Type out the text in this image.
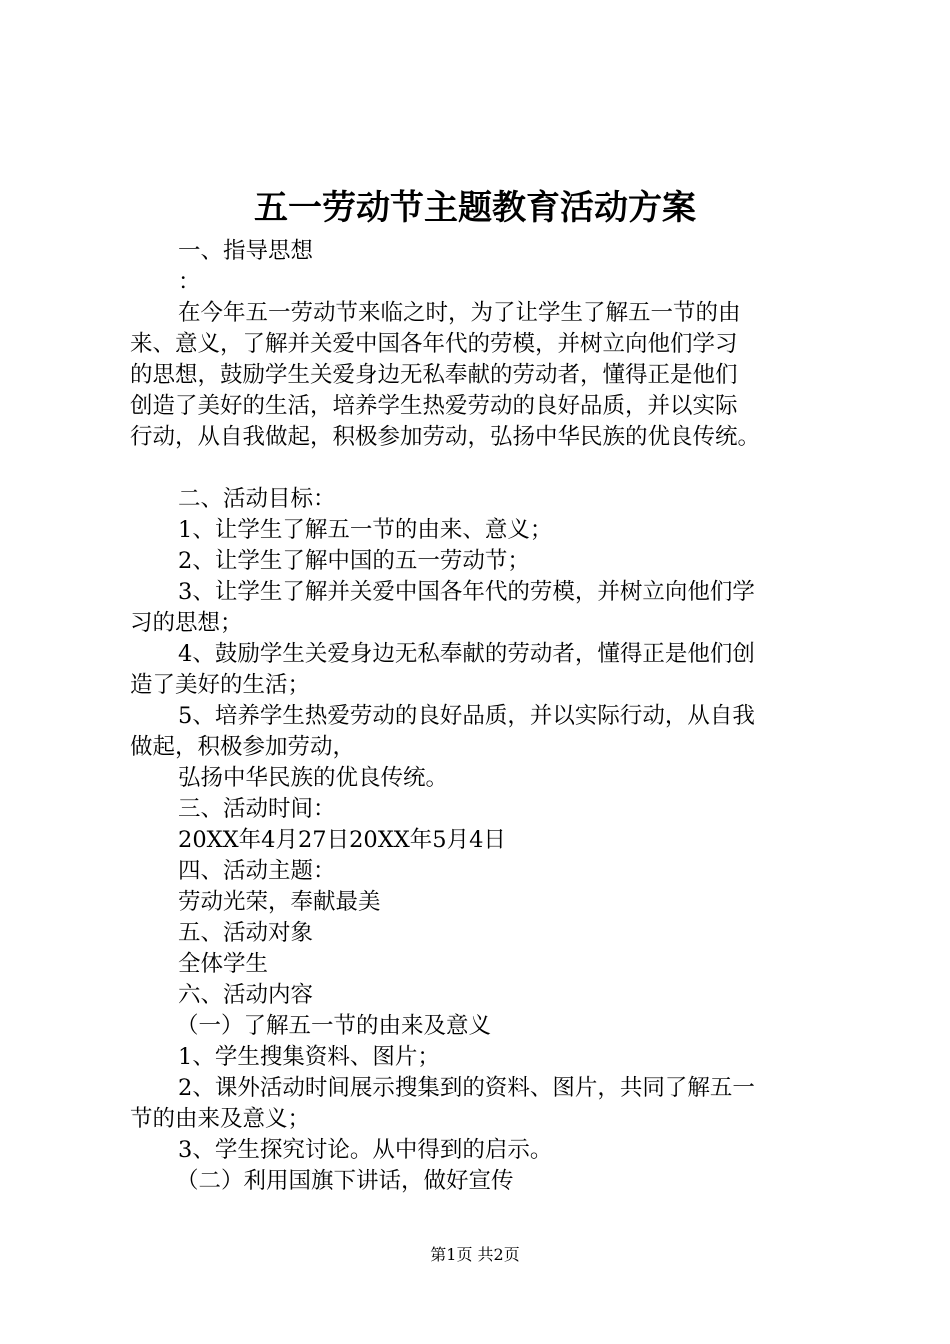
五一劳动节主题教育活动方案

一、指导思想

：

在今年五一劳动节来临之时，为了让学生了解五一节的由

来、意义，了解并关爱中国各年代的劳模，并树立向他们学习

的思想，鼓励学生关爱身边无私奉献的劳动者，懂得正是他们

创造了美好的生活，培养学生热爱劳动的良好品质，并以实际

行动，从自我做起，积极参加劳动，弘扬中华民族的优良传统。

二、活动目标：

1、让学生了解五一节的由来、意义；

2、让学生了解中国的五一劳动节；

3、让学生了解并关爱中国各年代的劳模，并树立向他们学

习的思想；

4、鼓励学生关爱身边无私奉献的劳动者，懂得正是他们创

造了美好的生活；

5、培养学生热爱劳动的良好品质，并以实际行动，从自我

做起，积极参加劳动，

弘扬中华民族的优良传统。

三、活动时间：

20XX年4月27日20XX年5月4日

四、活动主题：

劳动光荣，奉献最美

五、活动对象

全体学生

六、活动内容

（一）了解五一节的由来及意义

1、学生搜集资料、图片；

2、课外活动时间展示搜集到的资料、图片，共同了解五一

节的由来及意义；

3、学生探究讨论。从中得到的启示。

（二）利用国旗下讲话，做好宣传

第1页 共2页
